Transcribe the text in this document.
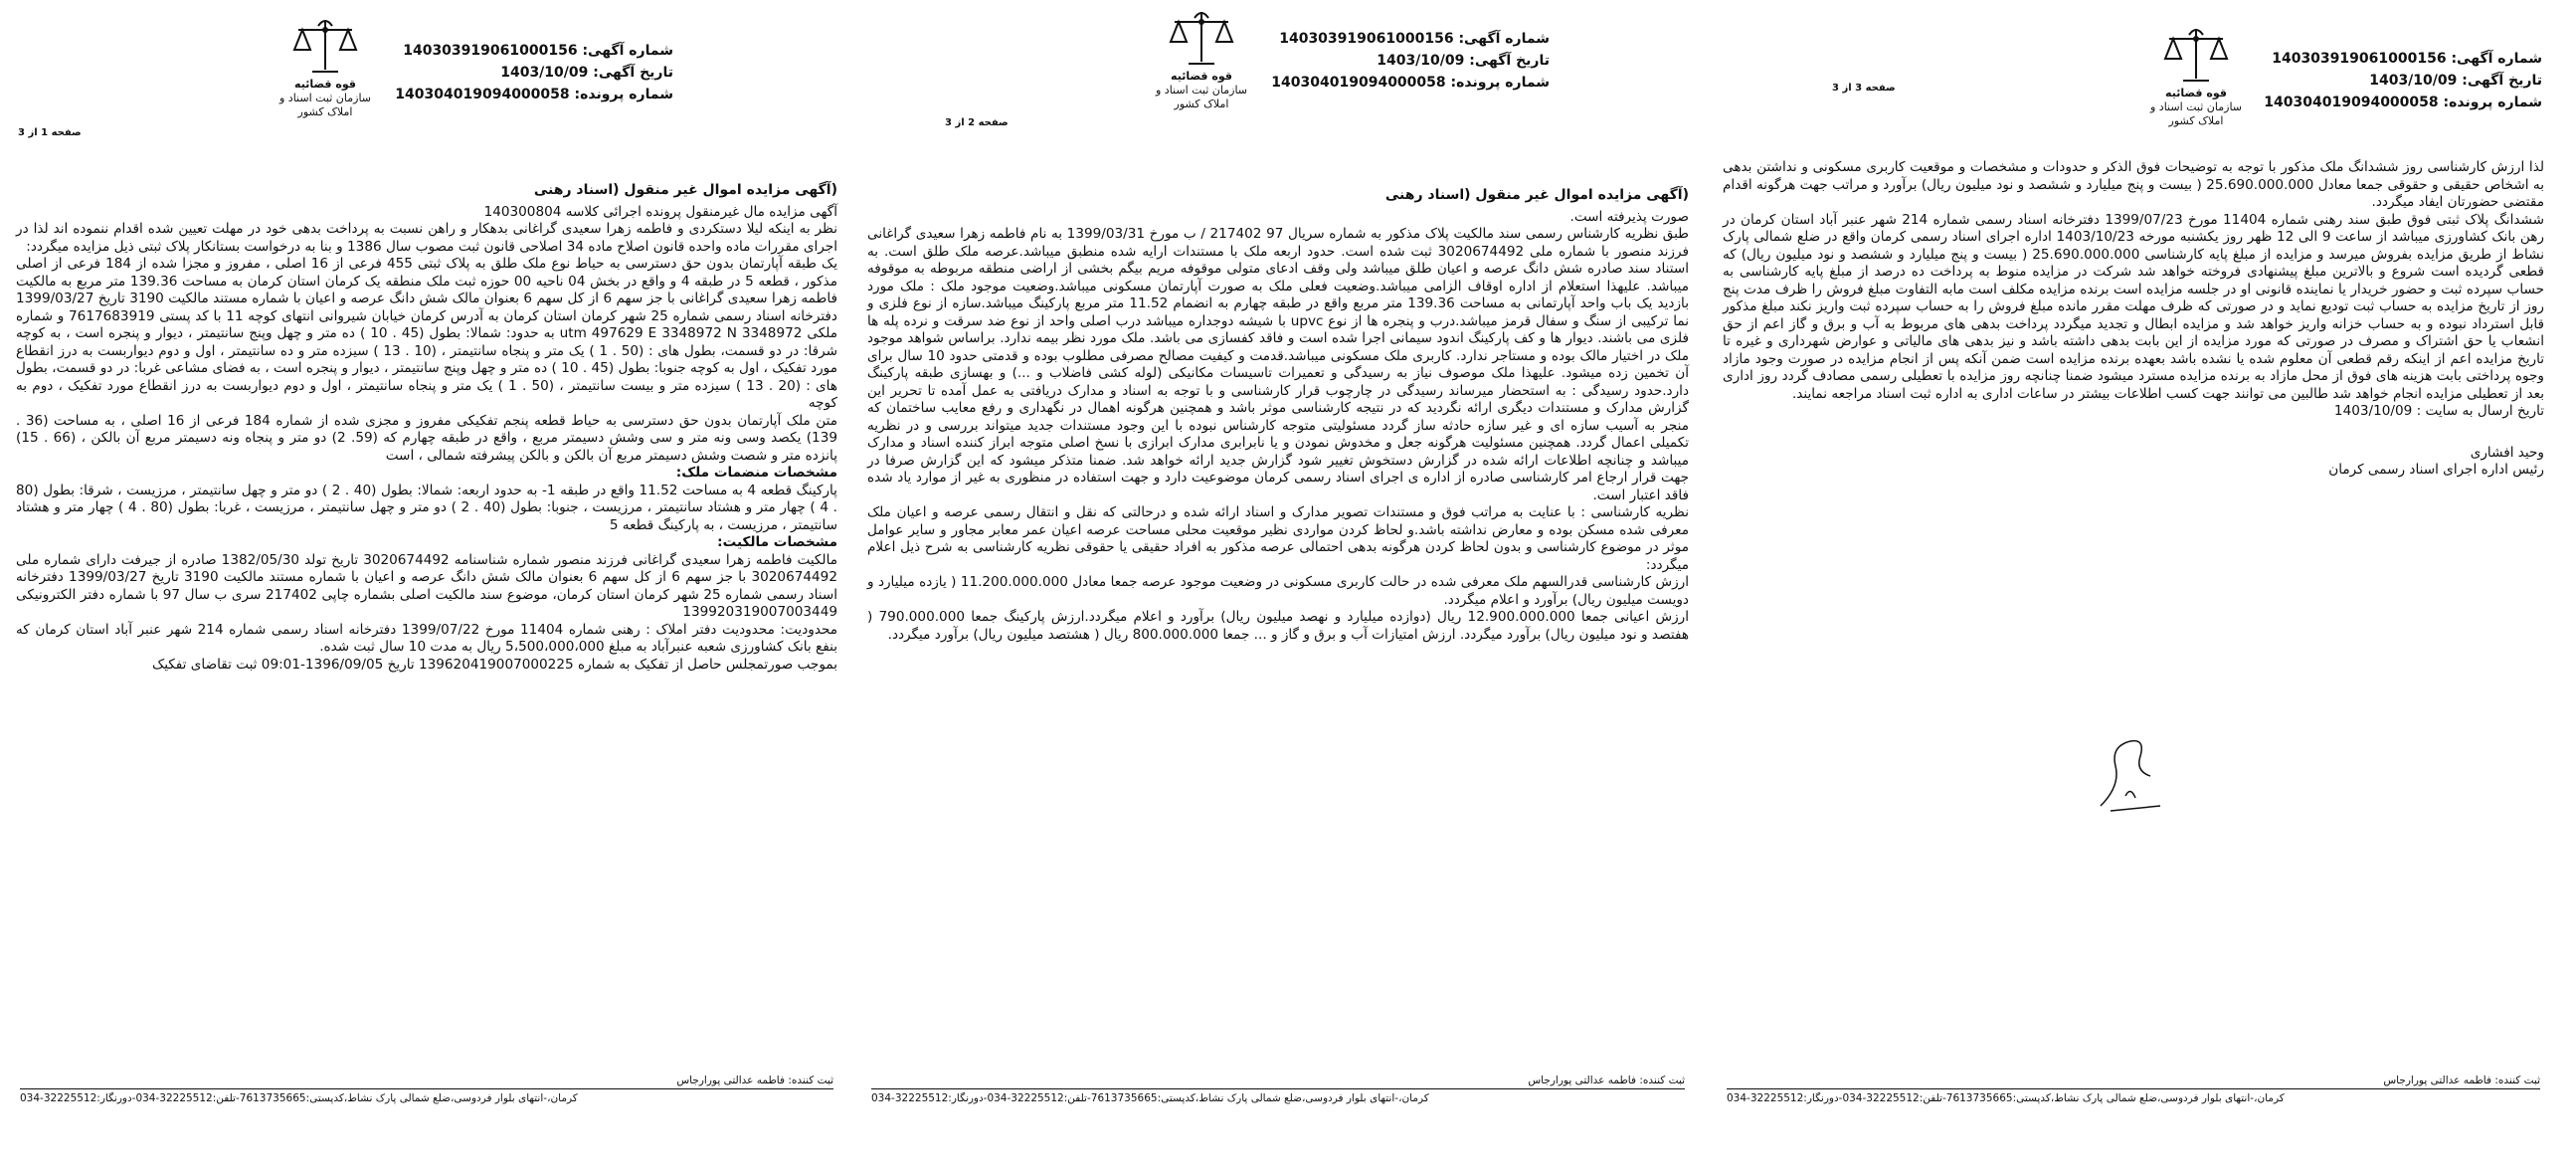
شماره آگهی: 140303919061000156
تاریخ آگهی: 1403/10/09
شماره پرونده: 140304019094000058
قوه قضائیه
سازمان ثبت اسناد و املاک کشور
صفحه 3 از 3

لذا ارزش کارشناسی روز ششدانگ ملک مذکور با توجه به توضیحات فوق الذکر و حدودات و مشخصات و موقعیت کاربری مسکونی و نداشتن بدهی به اشخاص حقیقی و حقوقی جمعا معادل 25.690.000.000 ( بیست و پنج میلیارد و ششصد و نود میلیون ریال) برآورد و مراتب جهت هرگونه اقدام مقتضی حضورتان ایفاد میگردد.

ششدانگ پلاک ثبتی فوق طبق سند رهنی شماره 11404 مورخ 1399/07/23 دفترخانه اسناد رسمی شماره 214 شهر عنبر آباد استان کرمان در رهن بانک کشاورزی میباشد از ساعت 9 الی 12 ظهر روز یکشنبه مورخه 1403/10/23 اداره اجرای اسناد رسمی کرمان واقع در ضلع شمالی پارک نشاط از طریق مزایده بفروش میرسد و مزایده از مبلغ پایه کارشناسی 25.690.000.000 ( بیست و پنج میلیارد و ششصد و نود میلیون ریال) که قطعی گردیده است شروع و بالاترین مبلغ پیشنهادی فروخته خواهد شد شرکت در مزایده منوط به پرداخت ده درصد از مبلغ پایه کارشناسی به حساب سپرده ثبت و حضور خریدار یا نماینده قانونی او در جلسه مزایده است برنده مزایده مکلف است مابه التفاوت مبلغ فروش را ظرف مدت پنج روز از تاریخ مزایده به حساب ثبت تودیع نماید و در صورتی که ظرف مهلت مقرر مانده مبلغ فروش را به حساب سپرده ثبت واریز نکند مبلغ مذکور قابل استرداد نبوده و به حساب خزانه واریز خواهد شد و مزایده ابطال و تجدید میگردد پرداخت بدهی های مربوط به آب و برق و گاز اعم از حق انشعاب یا حق اشتراک و مصرف در صورتی که مورد مزایده از این بابت بدهی داشته باشد و نیز بدهی های مالیاتی و عوارض شهرداری و غیره تا تاریخ مزایده اعم از اینکه رقم قطعی آن معلوم شده یا نشده باشد بعهده برنده مزایده است ضمن آنکه پس از انجام مزایده در صورت وجود مازاد وجوه پرداختی بابت هزینه های فوق از محل مازاد به برنده مزایده مسترد میشود ضمنا چنانچه روز مزایده با تعطیلی رسمی مصادف گردد روز اداری بعد از تعطیلی مزایده انجام خواهد شد طالبین می توانند جهت کسب اطلاعات بیشتر در ساعات اداری به اداره ثبت اسناد مراجعه نمایند.

تاریخ ارسال به سایت : 1403/10/09

وحید افشاری

رئیس اداره اجرای اسناد رسمی کرمان

ثبت کننده: فاطمه عدالتی پورارجاس
کرمان،-انتهای بلوار فردوسی،ضلع شمالی پارک نشاط،کدپستی:7613735665-تلفن:32225512-034-دورنگار:32225512-034
شماره آگهی: 140303919061000156
تاریخ آگهی: 1403/10/09
شماره پرونده: 140304019094000058
قوه قضائیه
سازمان ثبت اسناد و املاک کشور
صفحه 2 از 3
(آگهی مزایده اموال غیر منقول (اسناد رهنی

صورت پذیرفته است.

طبق نظریه کارشناس رسمی سند مالکیت پلاک مذکور به شماره سریال 97 217402 / ب مورخ 1399/03/31 به نام فاطمه زهرا سعیدی گراغانی فرزند منصور با شماره ملی 3020674492 ثبت شده است. حدود اربعه ملک با مستندات ارایه شده منطبق میباشد.عرصه ملک طلق است. به استناد سند صادره شش دانگ عرصه و اعیان طلق میباشد ولی وقف ادعای متولی موقوفه مریم بیگم بخشی از اراضی منطقه مربوطه به موقوفه میباشد. علیهذا استعلام از اداره اوقاف الزامی میباشد.وضعیت فعلی ملک به صورت آپارتمان مسکونی میباشد.وضعیت موجود ملک : ملک مورد بازدید یک باب واحد آپارتمانی به مساحت 139.36 متر مربع واقع در طبقه چهارم به انضمام 11.52 متر مربع پارکینگ میباشد.سازه از نوع فلزی و نما ترکیبی از سنگ و سفال قرمز میباشد.درب و پنجره ها از نوع upvc با شیشه دوجداره میباشد درب اصلی واحد از نوع ضد سرقت و نرده پله ها فلزی می باشند. دیوار ها و کف پارکینگ اندود سیمانی اجرا شده است و فاقد کفسازی می باشد. ملک مورد نظر بیمه ندارد. براساس شواهد موجود ملک در اختیار مالک بوده و مستاجر ندارد. کاربری ملک مسکونی میباشد.قدمت و کیفیت مصالح مصرفی مطلوب بوده و قدمتی حدود 10 سال برای آن تخمین زده میشود. علیهذا ملک موصوف نیاز به رسیدگی و تعمیرات تاسیسات مکانیکی (لوله کشی فاضلاب و ...) و بهسازی طبقه پارکینگ دارد.حدود رسیدگی : به استحضار میرساند رسیدگی در چارچوب قرار کارشناسی و با توجه به اسناد و مدارک دریافتی به عمل آمده تا تحریر این گزارش مدارک و مستندات دیگری ارائه نگردید که در نتیجه کارشناسی موثر باشد و همچنین هرگونه اهمال در نگهداری و رفع معایب ساختمان که منجر به آسیب سازه ای و غیر سازه حادثه ساز گردد مسئولیتی متوجه کارشناس نبوده با این وجود مستندات جدید میتواند بررسی و در نظریه تکمیلی اعمال گردد. همچنین مسئولیت هرگونه جعل و مخدوش نمودن و یا نابرابری مدارک ابرازی با نسخ اصلی متوجه ابراز کننده اسناد و مدارک میباشد و چنانچه اطلاعات ارائه شده در گزارش دستخوش تغییر شود گزارش جدید ارائه خواهد شد. ضمنا متذکر میشود که این گزارش صرفا در جهت قرار ارجاع امر کارشناسی صادره از اداره ی اجرای اسناد رسمی کرمان موضوعیت دارد و جهت استفاده در منظوری به غیر از موارد یاد شده فاقد اعتبار است.

نظریه کارشناسی : با عنایت به مراتب فوق و مستندات تصویر مدارک و اسناد ارائه شده و درحالتی که نقل و انتقال رسمی عرصه و اعیان ملک معرفی شده مسکن بوده و معارض نداشته باشد.و لحاظ کردن مواردی نظیر موقعیت محلی مساحت عرصه اعیان عمر معابر مجاور و سایر عوامل موثر در موضوع کارشناسی و بدون لحاظ کردن هرگونه بدهی احتمالی عرصه مذکور به افراد حقیقی یا حقوقی نظریه کارشناسی به شرح ذیل اعلام میگردد:

ارزش کارشناسی قدرالسهم ملک معرفی شده در حالت کاربری مسکونی در وضعیت موجود عرصه جمعا معادل 11.200.000.000 ( یازده میلیارد و دویست میلیون ریال) برآورد و اعلام میگردد.

ارزش اعیانی جمعا 12.900.000.000 ریال (دوازده میلیارد و نهصد میلیون ریال) برآورد و اعلام میگردد.ارزش پارکینگ جمعا 790.000.000 ( هفتصد و نود میلیون ریال) برآورد میگردد. ارزش امتیازات آب و برق و گاز و ... جمعا 800.000.000 ریال ( هشتصد میلیون ریال) برآورد میگردد.

ثبت کننده: فاطمه عدالتی پورارجاس
کرمان،-انتهای بلوار فردوسی،ضلع شمالی پارک نشاط،کدپستی:7613735665-تلفن:32225512-034-دورنگار:32225512-034
شماره آگهی: 140303919061000156
تاریخ آگهی: 1403/10/09
شماره پرونده: 140304019094000058
قوه قضائیه
سازمان ثبت اسناد و املاک کشور
صفحه 1 از 3
(آگهی مزایده اموال غیر منقول (اسناد رهنی

آگهی مزایده مال غیرمنقول پرونده اجرائی کلاسه 140300804

نظر به اینکه لیلا دستکردی و فاطمه زهرا سعیدی گراغانی بدهکار و راهن نسبت به پرداخت بدهی خود در مهلت تعیین شده اقدام ننموده اند لذا در اجرای مقررات ماده واحده قانون اصلاح ماده 34 اصلاحی قانون ثبت مصوب سال 1386 و بنا به درخواست بستانکار پلاک ثبتی ذیل مزایده میگردد:

یک طبقه آپارتمان بدون حق دسترسی به حیاط نوع ملک طلق به پلاک ثبتی 455 فرعی از 16 اصلی ، مفروز و مجزا شده از 184 فرعی از اصلی مذکور ، قطعه 5 در طبقه 4 و واقع در بخش 04 ناحیه 00 حوزه ثبت ملک منطقه یک کرمان استان کرمان به مساحت 139.36 متر مربع به مالکیت فاطمه زهرا سعیدی گراغانی با جز سهم 6 از کل سهم 6 بعنوان مالک شش دانگ عرصه و اعیان با شماره مستند مالکیت 3190 تاریخ 1399/03/27 دفترخانه اسناد رسمی شماره 25 شهر کرمان استان کرمان به آدرس کرمان خیابان شیروانی انتهای کوچه 11 با کد پستی 7617683919 و شماره ملکی 3348972 utm 497629 E 3348972 N به حدود: شمالا: بطول (45 . 10 ) ده متر و چهل وپنج سانتیمتر ، دیوار و پنجره است ، به کوچه شرقا: در دو قسمت، بطول های : (50 . 1 ) یک متر و پنجاه سانتیمتر ، (10 . 13 ) سیزده متر و ده سانتیمتر ، اول و دوم دیواربست به درز انقطاع مورد تفکیک ، اول به کوچه جنوبا: بطول (45 . 10 ) ده متر و چهل وپنج سانتیمتر ، دیوار و پنجره است ، به فضای مشاعی غربا: در دو قسمت، بطول های : (20 . 13 ) سیزده متر و بیست سانتیمتر ، (50 . 1 ) یک متر و پنجاه سانتیمتر ، اول و دوم دیواربست به درز انقطاع مورد تفکیک ، دوم به کوچه

متن ملک آپارتمان بدون حق دسترسی به حیاط قطعه پنجم تفکیکی مفروز و مجزی شده از شماره 184 فرعی از 16 اصلی ، به مساحت (36 . 139) یکصد وسی ونه متر و سی وشش دسیمتر مربع ، واقع در طبقه چهارم که (59. 2) دو متر و پنجاه ونه دسیمتر مربع آن بالکن ، (66 . 15) پانزده متر و شصت وشش دسیمتر مربع آن بالکن و بالکن پیشرفته شمالی ، است

مشخصات منضمات ملک:

پارکینگ قطعه 4 به مساحت 11.52 واقع در طبقه 1- به حدود اربعه: شمالا: بطول (40 . 2 ) دو متر و چهل سانتیمتر ، مرزیست ، شرقا: بطول (80 . 4 ) چهار متر و هشتاد سانتیمتر ، مرزیست ، جنوبا: بطول (40 . 2 ) دو متر و چهل سانتیمتر ، مرزیست ، غربا: بطول (80 . 4 ) چهار متر و هشتاد سانتیمتر ، مرزیست ، به پارکینگ قطعه 5

مشخصات مالکیت:

مالکیت فاطمه زهرا سعیدی گراغانی فرزند منصور شماره شناسنامه 3020674492 تاریخ تولد 1382/05/30 صادره از جیرفت دارای شماره ملی 3020674492 با جز سهم 6 از کل سهم 6 بعنوان مالک شش دانگ عرصه و اعیان با شماره مستند مالکیت 3190 تاریخ 1399/03/27 دفترخانه اسناد رسمی شماره 25 شهر کرمان استان کرمان، موضوع سند مالکیت اصلی بشماره چاپی 217402 سری ب سال 97 با شماره دفتر الکترونیکی 139920319007003449

محدودیت: محدودیت دفتر املاک : رهنی شماره 11404 مورخ 1399/07/22 دفترخانه اسناد رسمی شماره 214 شهر عنبر آباد استان کرمان که بنفع بانک کشاورزی شعبه عنبرآباد به مبلغ 5،500،000،000 ریال به مدت 10 سال ثبت شده.

بموجب صورتمجلس حاصل از تفکیک به شماره 139620419007000225 تاریخ 1396/09/05-09:01 ثبت تقاضای تفکیک

ثبت کننده: فاطمه عدالتی پورارجاس
کرمان،-انتهای بلوار فردوسی،ضلع شمالی پارک نشاط،کدپستی:7613735665-تلفن:32225512-034-دورنگار:32225512-034
